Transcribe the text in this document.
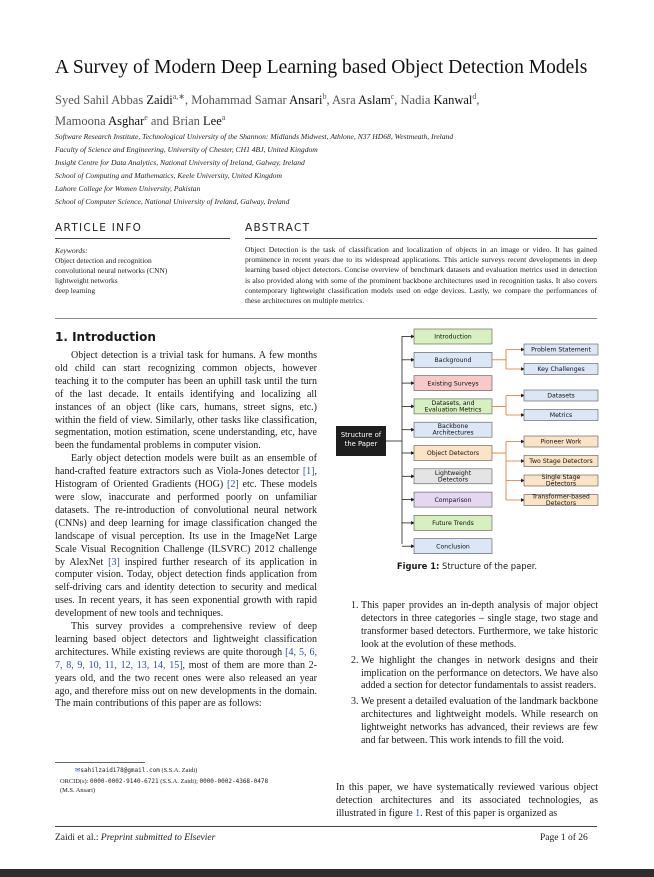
A Survey of Modern Deep Learning based Object Detection Models
Syed Sahil Abbas Zaidi$^{a,∗}$, Mohammad Samar Ansari$^b$, Asra Aslam$^c$, Nadia Kanwal$^d$,
Mamoona Asghar$^e$ and Brian Lee$^a$
Software Research Institute, Technological University of the Shannon: Midlands Midwest, Athlone, N37 HD68, Westmeath, Ireland
Faculty of Science and Engineering, University of Chester, CH1 4BJ, United Kingdom
Insight Centre for Data Analytics, National University of Ireland, Galway, Ireland
School of Computing and Mathematics, Keele University, United Kingdom
Lahore College for Women University, Pakistan
School of Computer Science, National University of Ireland, Galway, Ireland
ARTICLE INFO
Keywords:
Object detection and recognition
convolutional neural networks (CNN)
lightweight networks
deep learning
ABSTRACT
Object Detection is the task of classification and localization of objects in an image or video. It has gained prominence in recent years due to its widespread applications. This article surveys recent developments in deep learning based object detectors. Concise overview of benchmark datasets and evaluation metrics used in detection is also provided along with some of the prominent backbone architectures used in recognition tasks. It also covers contemporary lightweight classification models used on edge devices. Lastly, we compare the performances of these architectures on multiple metrics.
1. Introduction

Object detection is a trivial task for humans. A few months old child can start recognizing common objects, however teaching it to the computer has been an uphill task until the turn of the last decade. It entails identifying and localizing all instances of an object (like cars, humans, street signs, etc.) within the field of view. Similarly, other tasks like classification, segmentation, motion estimation, scene understanding, etc, have been the fundamental problems in computer vision.

Early object detection models were built as an ensemble of hand-crafted feature extractors such as Viola-Jones detector [1], Histogram of Oriented Gradients (HOG) [2] etc. These models were slow, inaccurate and performed poorly on unfamiliar datasets. The re-introduction of convolutional neural network (CNNs) and deep learning for image classification changed the landscape of visual perception. Its use in the ImageNet Large Scale Visual Recognition Challenge (ILSVRC) 2012 challenge by AlexNet [3] inspired further research of its application in computer vision. Today, object detection finds application from self-driving cars and identity detection to security and medical uses. In recent years, it has seen exponential growth with rapid development of new tools and techniques.

This survey provides a comprehensive review of deep learning based object detectors and lightweight classification architectures. While existing reviews are quite thorough [4, 5, 6, 7, 8, 9, 10, 11, 12, 13, 14, 15], most of them are more than 2-years old, and the two recent ones were also released an year ago, and therefore miss out on new developments in the domain. The main contributions of this paper are as follows:

✉sahilzaidi78@gmail.com (S.S.A. Zaidi)
ORCID(s): 0000-0002-9140-6721 (S.S.A. Zaidi); 0000-0002-4368-0478
(M.S. Ansari)
Structure of the Paper
Introduction
Background
Existing Surveys
Datasets, and Evaluation Metrics
Backbone Architectures
Object Detectors
Lightweight Detectors
Comparison
Future Trends
Conclusion
Problem Statement
Key Challenges
Datasets
Metrics
Pioneer Work
Two Stage Detectors
Single Stage Detectors
Transformer-based Detectors
Figure 1: Structure of the paper.
1. This paper provides an in-depth analysis of major object detectors in three categories – single stage, two stage and transformer based detectors. Furthermore, we take historic look at the evolution of these methods.
2. We highlight the changes in network designs and their implication on the performance on detectors. We have also added a section for detector fundamentals to assist readers.
3. We present a detailed evaluation of the landmark backbone architectures and lightweight models. While research on lightweight networks has advanced, their reviews are few and far between. This work intends to fill the void.
In this paper, we have systematically reviewed various object detection architectures and its associated technologies, as illustrated in figure 1. Rest of this paper is organized as
Zaidi et al.: Preprint submitted to Elsevier	Page 1 of 26
